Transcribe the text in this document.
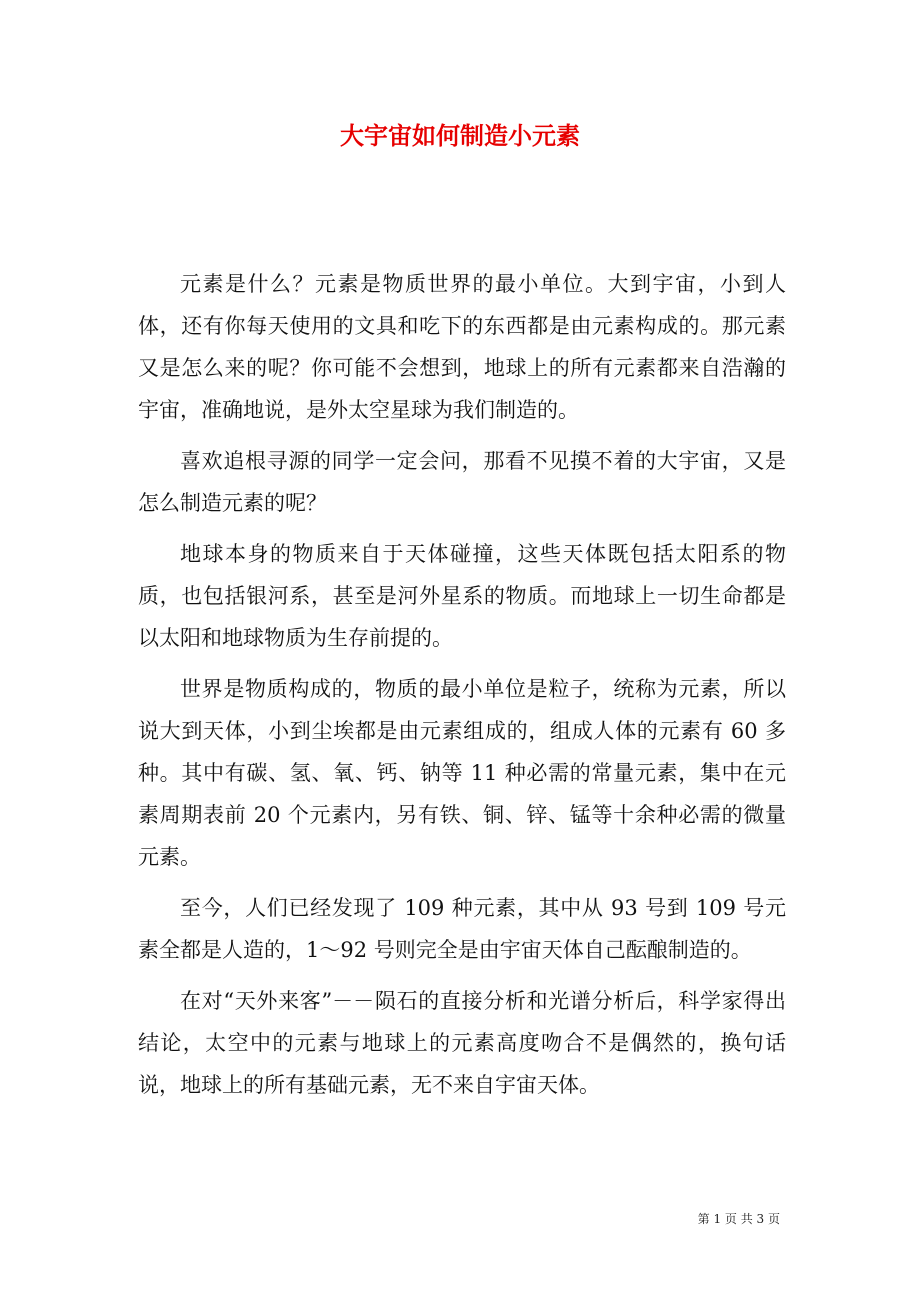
大宇宙如何制造小元素

元素是什么？元素是物质世界的最小单位。大到宇宙，小到人体，还有你每天使用的文具和吃下的东西都是由元素构成的。那元素又是怎么来的呢？你可能不会想到，地球上的所有元素都来自浩瀚的宇宙，准确地说，是外太空星球为我们制造的。

喜欢追根寻源的同学一定会问，那看不见摸不着的大宇宙，又是怎么制造元素的呢？

地球本身的物质来自于天体碰撞，这些天体既包括太阳系的物质，也包括银河系，甚至是河外星系的物质。而地球上一切生命都是以太阳和地球物质为生存前提的。

世界是物质构成的，物质的最小单位是粒子，统称为元素，所以说大到天体，小到尘埃都是由元素组成的，组成人体的元素有 60 多种。其中有碳、氢、氧、钙、钠等 11 种必需的常量元素，集中在元素周期表前 20 个元素内，另有铁、铜、锌、锰等十余种必需的微量元素。

至今，人们已经发现了 109 种元素，其中从 93 号到 109 号元素全都是人造的，1～92 号则完全是由宇宙天体自己酝酿制造的。

在对“天外来客”－－陨石的直接分析和光谱分析后，科学家得出结论，太空中的元素与地球上的元素高度吻合不是偶然的，换句话说，地球上的所有基础元素，无不来自宇宙天体。

第 1 页 共 3 页
